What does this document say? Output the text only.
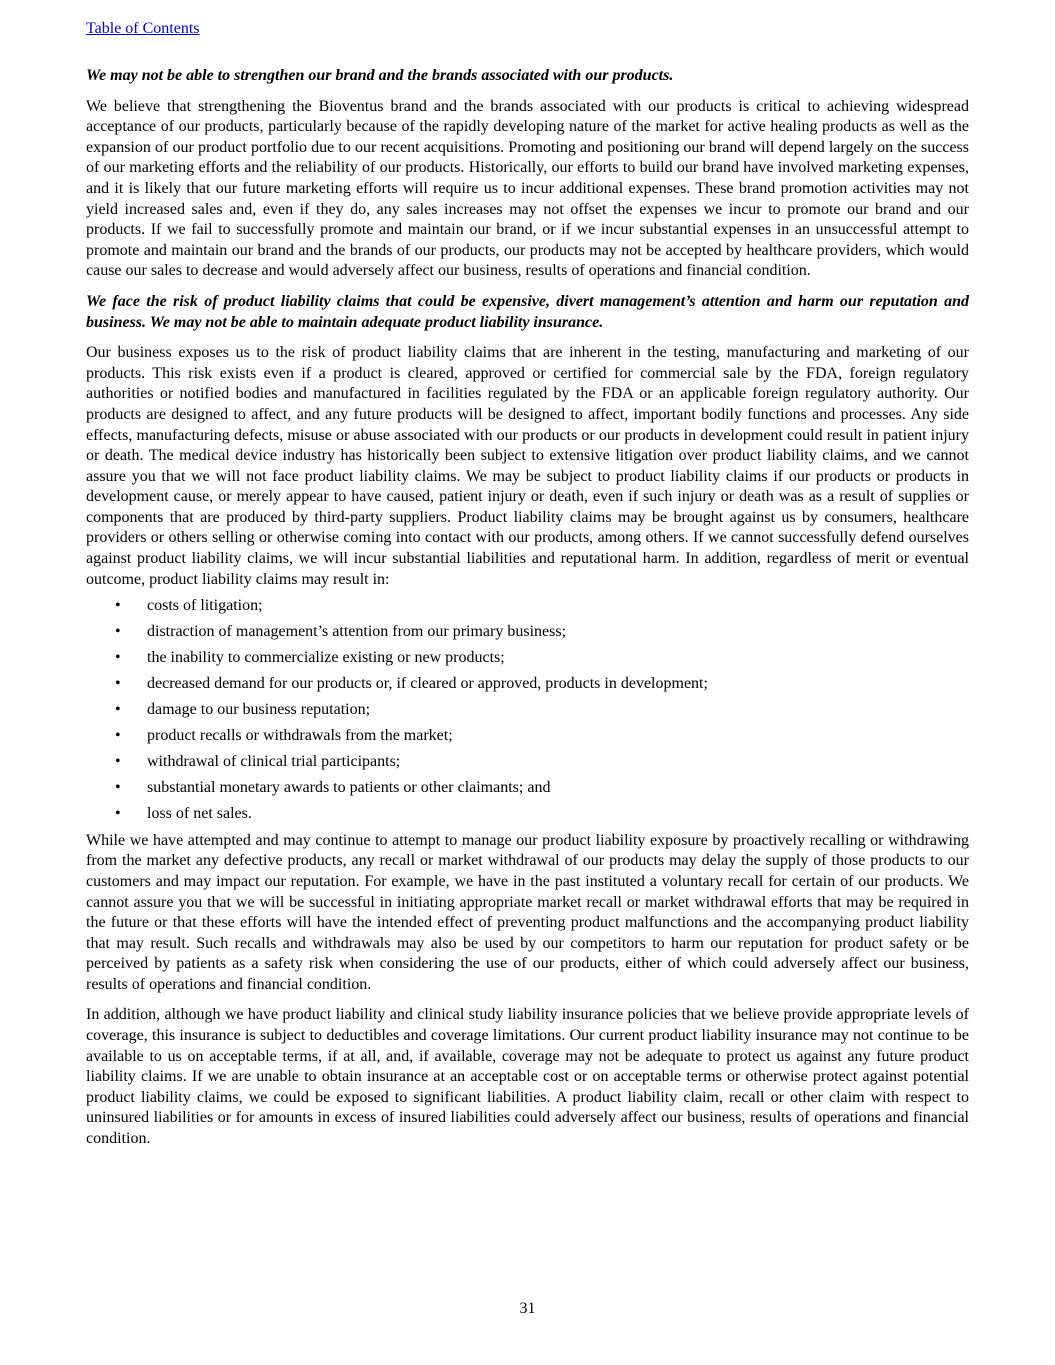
Table of Contents

We may not be able to strengthen our brand and the brands associated with our products.

We believe that strengthening the Bioventus brand and the brands associated with our products is critical to achieving widespread acceptance of our products, particularly because of the rapidly developing nature of the market for active healing products as well as the expansion of our product portfolio due to our recent acquisitions. Promoting and positioning our brand will depend largely on the success of our marketing efforts and the reliability of our products. Historically, our efforts to build our brand have involved marketing expenses, and it is likely that our future marketing efforts will require us to incur additional expenses. These brand promotion activities may not yield increased sales and, even if they do, any sales increases may not offset the expenses we incur to promote our brand and our products. If we fail to successfully promote and maintain our brand, or if we incur substantial expenses in an unsuccessful attempt to promote and maintain our brand and the brands of our products, our products may not be accepted by healthcare providers, which would cause our sales to decrease and would adversely affect our business, results of operations and financial condition.

We face the risk of product liability claims that could be expensive, divert management’s attention and harm our reputation and business. We may not be able to maintain adequate product liability insurance.

Our business exposes us to the risk of product liability claims that are inherent in the testing, manufacturing and marketing of our products. This risk exists even if a product is cleared, approved or certified for commercial sale by the FDA, foreign regulatory authorities or notified bodies and manufactured in facilities regulated by the FDA or an applicable foreign regulatory authority. Our products are designed to affect, and any future products will be designed to affect, important bodily functions and processes. Any side effects, manufacturing defects, misuse or abuse associated with our products or our products in development could result in patient injury or death. The medical device industry has historically been subject to extensive litigation over product liability claims, and we cannot assure you that we will not face product liability claims. We may be subject to product liability claims if our products or products in development cause, or merely appear to have caused, patient injury or death, even if such injury or death was as a result of supplies or components that are produced by third-party suppliers. Product liability claims may be brought against us by consumers, healthcare providers or others selling or otherwise coming into contact with our products, among others. If we cannot successfully defend ourselves against product liability claims, we will incur substantial liabilities and reputational harm. In addition, regardless of merit or eventual outcome, product liability claims may result in:

• costs of litigation;
• distraction of management’s attention from our primary business;
• the inability to commercialize existing or new products;
• decreased demand for our products or, if cleared or approved, products in development;
• damage to our business reputation;
• product recalls or withdrawals from the market;
• withdrawal of clinical trial participants;
• substantial monetary awards to patients or other claimants; and
• loss of net sales.

While we have attempted and may continue to attempt to manage our product liability exposure by proactively recalling or withdrawing from the market any defective products, any recall or market withdrawal of our products may delay the supply of those products to our customers and may impact our reputation. For example, we have in the past instituted a voluntary recall for certain of our products. We cannot assure you that we will be successful in initiating appropriate market recall or market withdrawal efforts that may be required in the future or that these efforts will have the intended effect of preventing product malfunctions and the accompanying product liability that may result. Such recalls and withdrawals may also be used by our competitors to harm our reputation for product safety or be perceived by patients as a safety risk when considering the use of our products, either of which could adversely affect our business, results of operations and financial condition.

In addition, although we have product liability and clinical study liability insurance policies that we believe provide appropriate levels of coverage, this insurance is subject to deductibles and coverage limitations. Our current product liability insurance may not continue to be available to us on acceptable terms, if at all, and, if available, coverage may not be adequate to protect us against any future product liability claims. If we are unable to obtain insurance at an acceptable cost or on acceptable terms or otherwise protect against potential product liability claims, we could be exposed to significant liabilities. A product liability claim, recall or other claim with respect to uninsured liabilities or for amounts in excess of insured liabilities could adversely affect our business, results of operations and financial condition.

31
